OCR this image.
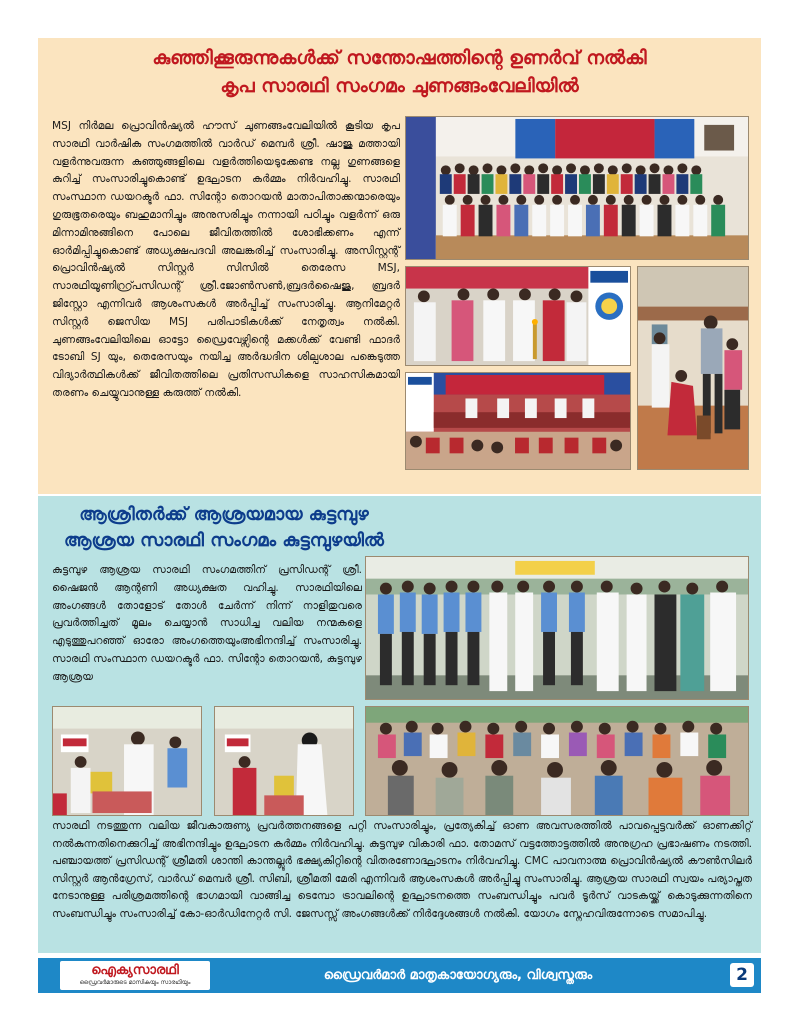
കുഞ്ഞിക്കൂരുന്നുകൾക്ക് സന്തോഷത്തിന്റെ ഉണർവ് നൽകി
കൃപ സാരഥി സംഗമം ചുണങ്ങംവേലിയിൽ

MSJ നിർമല പ്രൊവിൻഷ്യൽ ഹൗസ് ചുണങ്ങംവേലിയിൽ കൂടിയ കൃപ സാരഥി വാർഷിക സംഗമത്തിൽ വാർഡ് മെമ്പർ ശ്രീ. ഷാജു മത്തായി വളർന്നുവരുന്ന കുഞ്ഞുങ്ങളിലെ വളർത്തിയെടുക്കേണ്ട നല്ല ഗുണങ്ങളെ കുറിച്ച് സംസാരിച്ചുകൊണ്ട് ഉദ്ഘാടന കർമ്മം നിർവഹിച്ചു. സാരഥി സംസ്ഥാന ഡയറക്ടർ ഫാ. സിന്റോ തൊറയൻ മാതാപിതാക്കന്മാരെയും ഗുരുഭൂതരെയും ബഹുമാനിച്ചും അനുസരിച്ചും നന്നായി പഠിച്ചും വളർന്ന് ഒരു മിന്നാമിനുങ്ങിനെ പോലെ ജീവിതത്തിൽ ശോഭിക്കണം എന്ന് ഓർമിപ്പിച്ചുകൊണ്ട് അധ്യക്ഷപദവി അലങ്കരിച്ച് സംസാരിച്ചു. അസിസ്റ്റന്റ് പ്രൊവിൻഷ്യൽ സിസ്റ്റർ സിസിൽ തെരേസ MSJ, സാരഥിയൂണിറ്റ്പ്രസിഡന്റ് ശ്രീ.ജോൺസൺ,ബ്രദർഷൈജു, ബ്രദർ ജിസ്റ്റോ എന്നിവർ ആശംസകൾ അർപ്പിച്ച് സംസാരിച്ചു. ആനിമേറ്റർ സിസ്റ്റർ ജെസിയ MSJ പരിപാടികൾക്ക് നേതൃത്വം നൽകി. ചുണങ്ങംവേലിയിലെ ഓട്ടോ ഡ്രൈവേഴ്സിന്റെ മക്കൾക്ക് വേണ്ടി ഫാദർ ടോബി SJ യും, തെരേസയും നയിച്ച അർദ്ധദിന ശില്പശാല പങ്കെടുത്ത വിദ്യാർത്ഥികൾക്ക് ജീവിതത്തിലെ പ്രതിസന്ധികളെ സാഹസികമായി തരണം ചെയ്യുവാനുള്ള കരുത്ത് നൽകി.

ആശ്രിതർക്ക് ആശ്രയമായ കുട്ടമ്പുഴ
ആശ്രയ സാരഥി സംഗമം കുട്ടമ്പുഴയിൽ
കുട്ടമ്പുഴ ആശ്രയ സാരഥി സംഗമത്തിന് പ്രസിഡന്റ് ശ്രീ. ഷൈജൻ ആന്റണി അധ്യക്ഷത വഹിച്ചു. സാരഥിയിലെ അംഗങ്ങൾ തോളോട് തോൾ ചേർന്ന് നിന്ന് നാളിതുവരെ പ്രവർത്തിച്ചത് മൂലം ചെയ്യാൻ സാധിച്ച വലിയ നന്മകളെ എടുത്തുപറഞ്ഞ് ഓരോ അംഗത്തെയുംഅഭിനന്ദിച്ച് സംസാരിച്ചു. സാരഥി സംസ്ഥാന ഡയറക്ടർ ഫാ. സിന്റോ തൊറയൻ, കുട്ടമ്പുഴ ആശ്രയ
സാരഥി നടത്തുന്ന വലിയ ജീവകാരുണ്യ പ്രവർത്തനങ്ങളെ പറ്റി സംസാരിച്ചും, പ്രത്യേകിച്ച് ഓണ അവസരത്തിൽ പാവപ്പെട്ടവർക്ക് ഓണക്കിറ്റ് നൽകുന്നതിനെക്കുറിച്ച് അഭിനന്ദിച്ചും ഉദ്ഘാടന കർമ്മം നിർവഹിച്ചു. കുട്ടമ്പുഴ വികാരി ഫാ. തോമസ് വട്ടത്തോട്ടത്തിൽ അനുഗ്രഹ പ്രഭാഷണം നടത്തി. പഞ്ചായത്ത് പ്രസിഡന്റ് ശ്രീമതി ശാന്തി കാന്തല്ലൂർ ഭക്ഷ്യകിറ്റിന്റെ വിതരണോദ്ഘാടനം നിർവഹിച്ചു. CMC പാവനാത്മ പ്രൊവിൻഷ്യൽ കൗൺസിലർ സിസ്റ്റർ ആൻഗ്രേസ്, വാർഡ് മെമ്പർ ശ്രീ. സിബി, ശ്രീമതി മേരി എന്നിവർ ആശംസകൾ അർപ്പിച്ചു സംസാരിച്ചു. ആശ്രയ സാരഥി സ്വയം പര്യാപ്തത നേടാനുള്ള പരിശ്രമത്തിന്റെ ഭാഗമായി വാങ്ങിച്ച ടെമ്പോ ട്രാവലിന്റെ ഉദ്ഘാടനത്തെ സംബന്ധിച്ചും പവർ ടൂർസ് വാടകയ്ക്ക് കൊടുക്കുന്നതിനെ സംബന്ധിച്ചും സംസാരിച്ച് കോ-ഓർഡിനേറ്റർ സി. ജേസസ്സ് അംഗങ്ങൾക്ക് നിർദ്ദേശങ്ങൾ നൽകി. യോഗം സ്നേഹവിരുന്നോടെ സമാപിച്ചു.
ഐക്യസാരഥി
ഡ്രൈവർമാരുടെ മാസികയും സാരഥിയും	ഡ്രൈവർമാർ മാതൃകായോഗ്യരും, വിശ്വസ്തരും	2
